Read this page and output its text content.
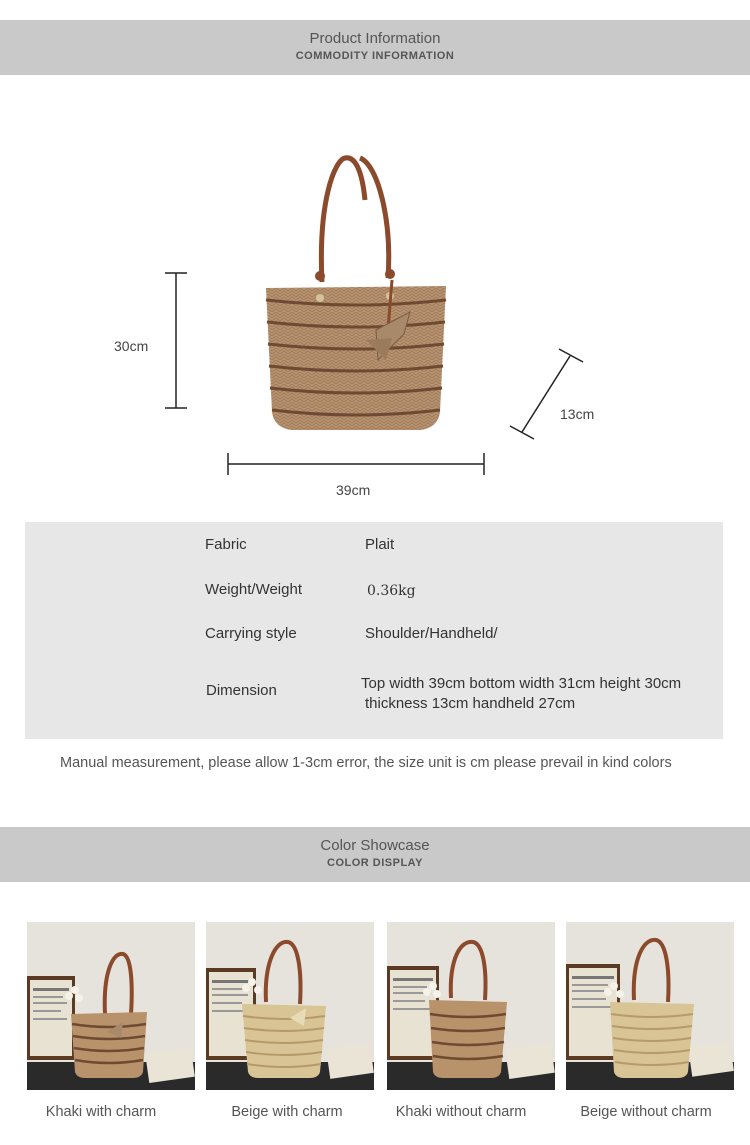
Product Information
COMMODITY INFORMATION
30cm
13cm
39cm
Fabric	Plait
Weight/Weight	0.36kg
Carrying style	Shoulder/Handheld/
Dimension	Top width 39cm bottom width 31cm height 30cm
thickness 13cm handheld 27cm
Manual measurement, please allow 1-3cm error, the size unit is cm please prevail in kind colors
Color Showcase
COLOR DISPLAY
Khaki with charm	Beige with charm	Khaki without charm	Beige without charm
